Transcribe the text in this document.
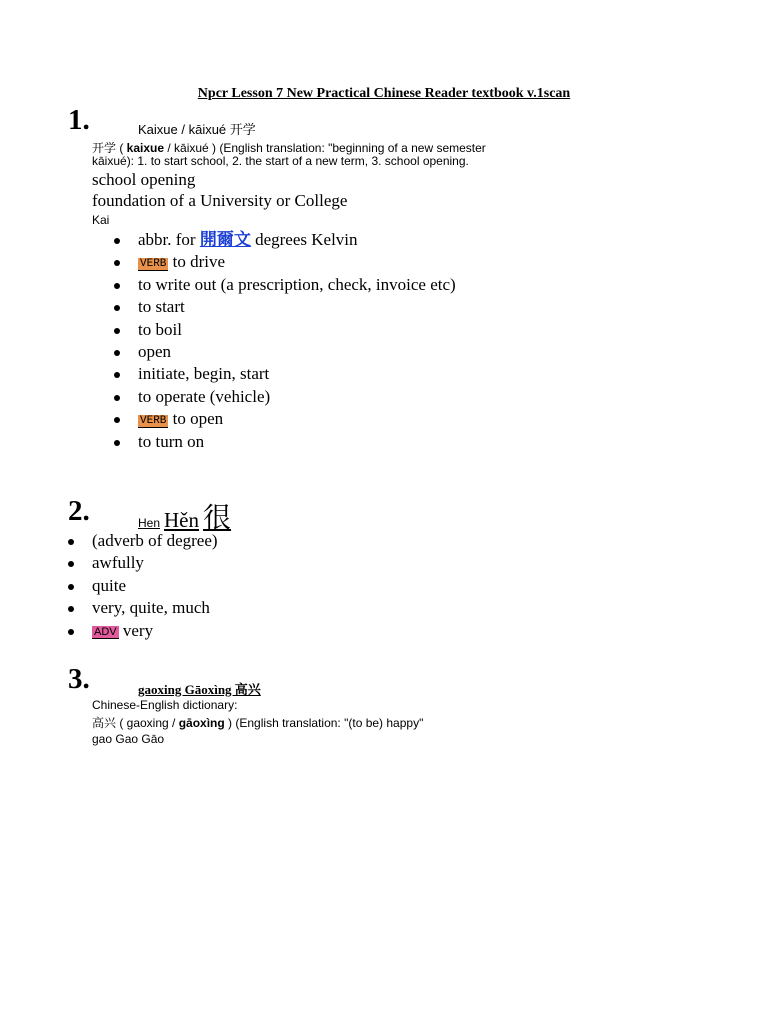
Npcr Lesson 7 New Practical Chinese Reader textbook v.1scan
1.	Kaixue / kāixué 开学
开学 ( kaixue / kāixué ) (English translation: "beginning of a new semester
kāixué): 1. to start school, 2. the start of a new term, 3. school opening.
school opening
foundation of a University or College
Kai
abbr. for 開爾文 degrees Kelvin
VERB to drive
to write out (a prescription, check, invoice etc)
to start
to boil
open
initiate, begin, start
to operate (vehicle)
VERB to open
to turn on
2.	Hen Hěn 很
(adverb of degree)
awfully
quite
very, quite, much
ADV very
3.	gaoxing Gāoxìng 高兴
Chinese-English dictionary:
高兴 ( gaoxing / gāoxìng ) (English translation: "(to be) happy"
gao Gao Gāo
